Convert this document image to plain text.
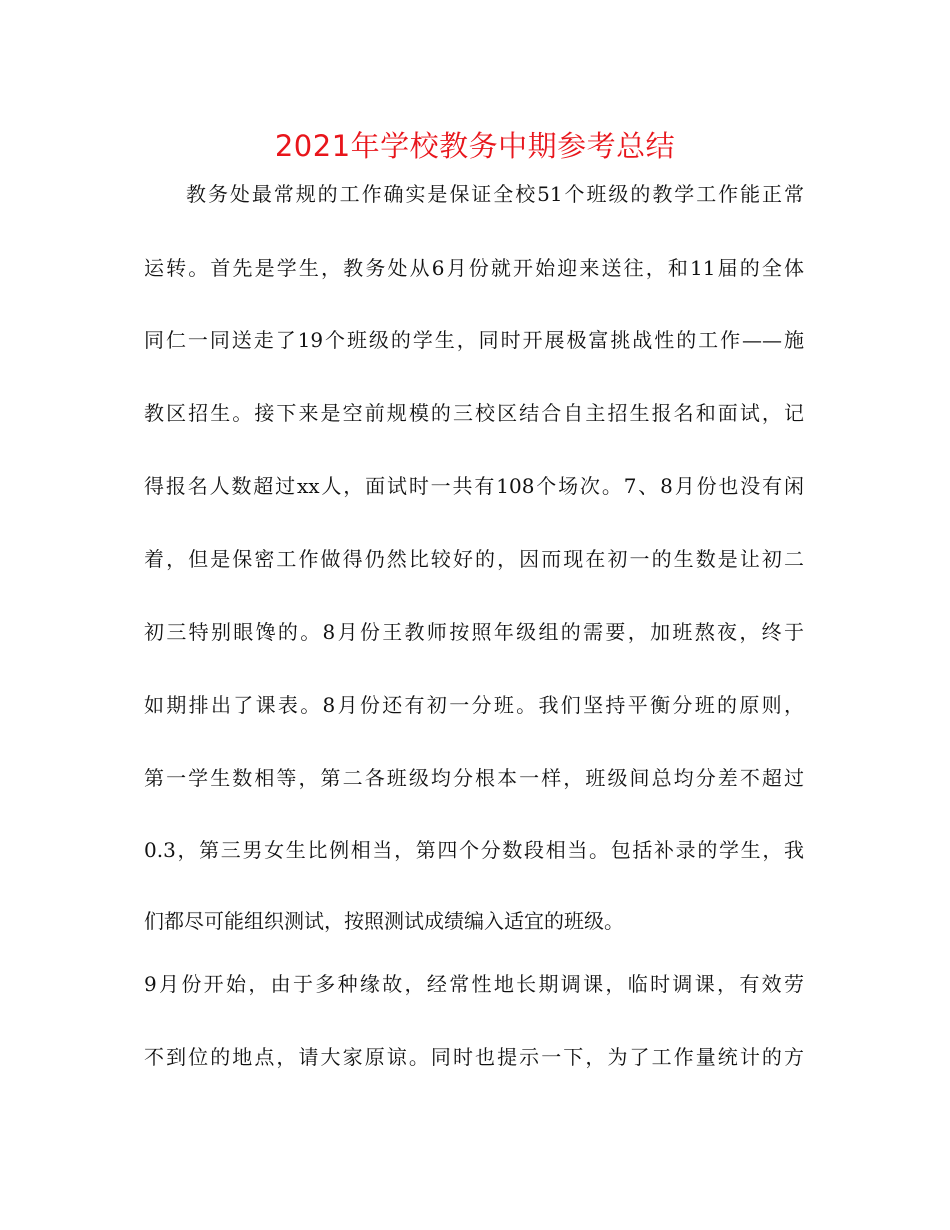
2021年学校教务中期参考总结
教务处最常规的工作确实是保证全校51个班级的教学工作能正常
运转。首先是学生，教务处从6月份就开始迎来送往，和11届的全体
同仁一同送走了19个班级的学生，同时开展极富挑战性的工作——施
教区招生。接下来是空前规模的三校区结合自主招生报名和面试，记
得报名人数超过xx人，面试时一共有108个场次。7、8月份也没有闲
着，但是保密工作做得仍然比较好的，因而现在初一的生数是让初二
初三特别眼馋的。8月份王教师按照年级组的需要，加班熬夜，终于
如期排出了课表。8月份还有初一分班。我们坚持平衡分班的原则，
第一学生数相等，第二各班级均分根本一样，班级间总均分差不超过
0.3，第三男女生比例相当，第四个分数段相当。包括补录的学生，我
们都尽可能组织测试，按照测试成绩编入适宜的班级。
9月份开始，由于多种缘故，经常性地长期调课，临时调课，有效劳
不到位的地点，请大家原谅。同时也提示一下，为了工作量统计的方
